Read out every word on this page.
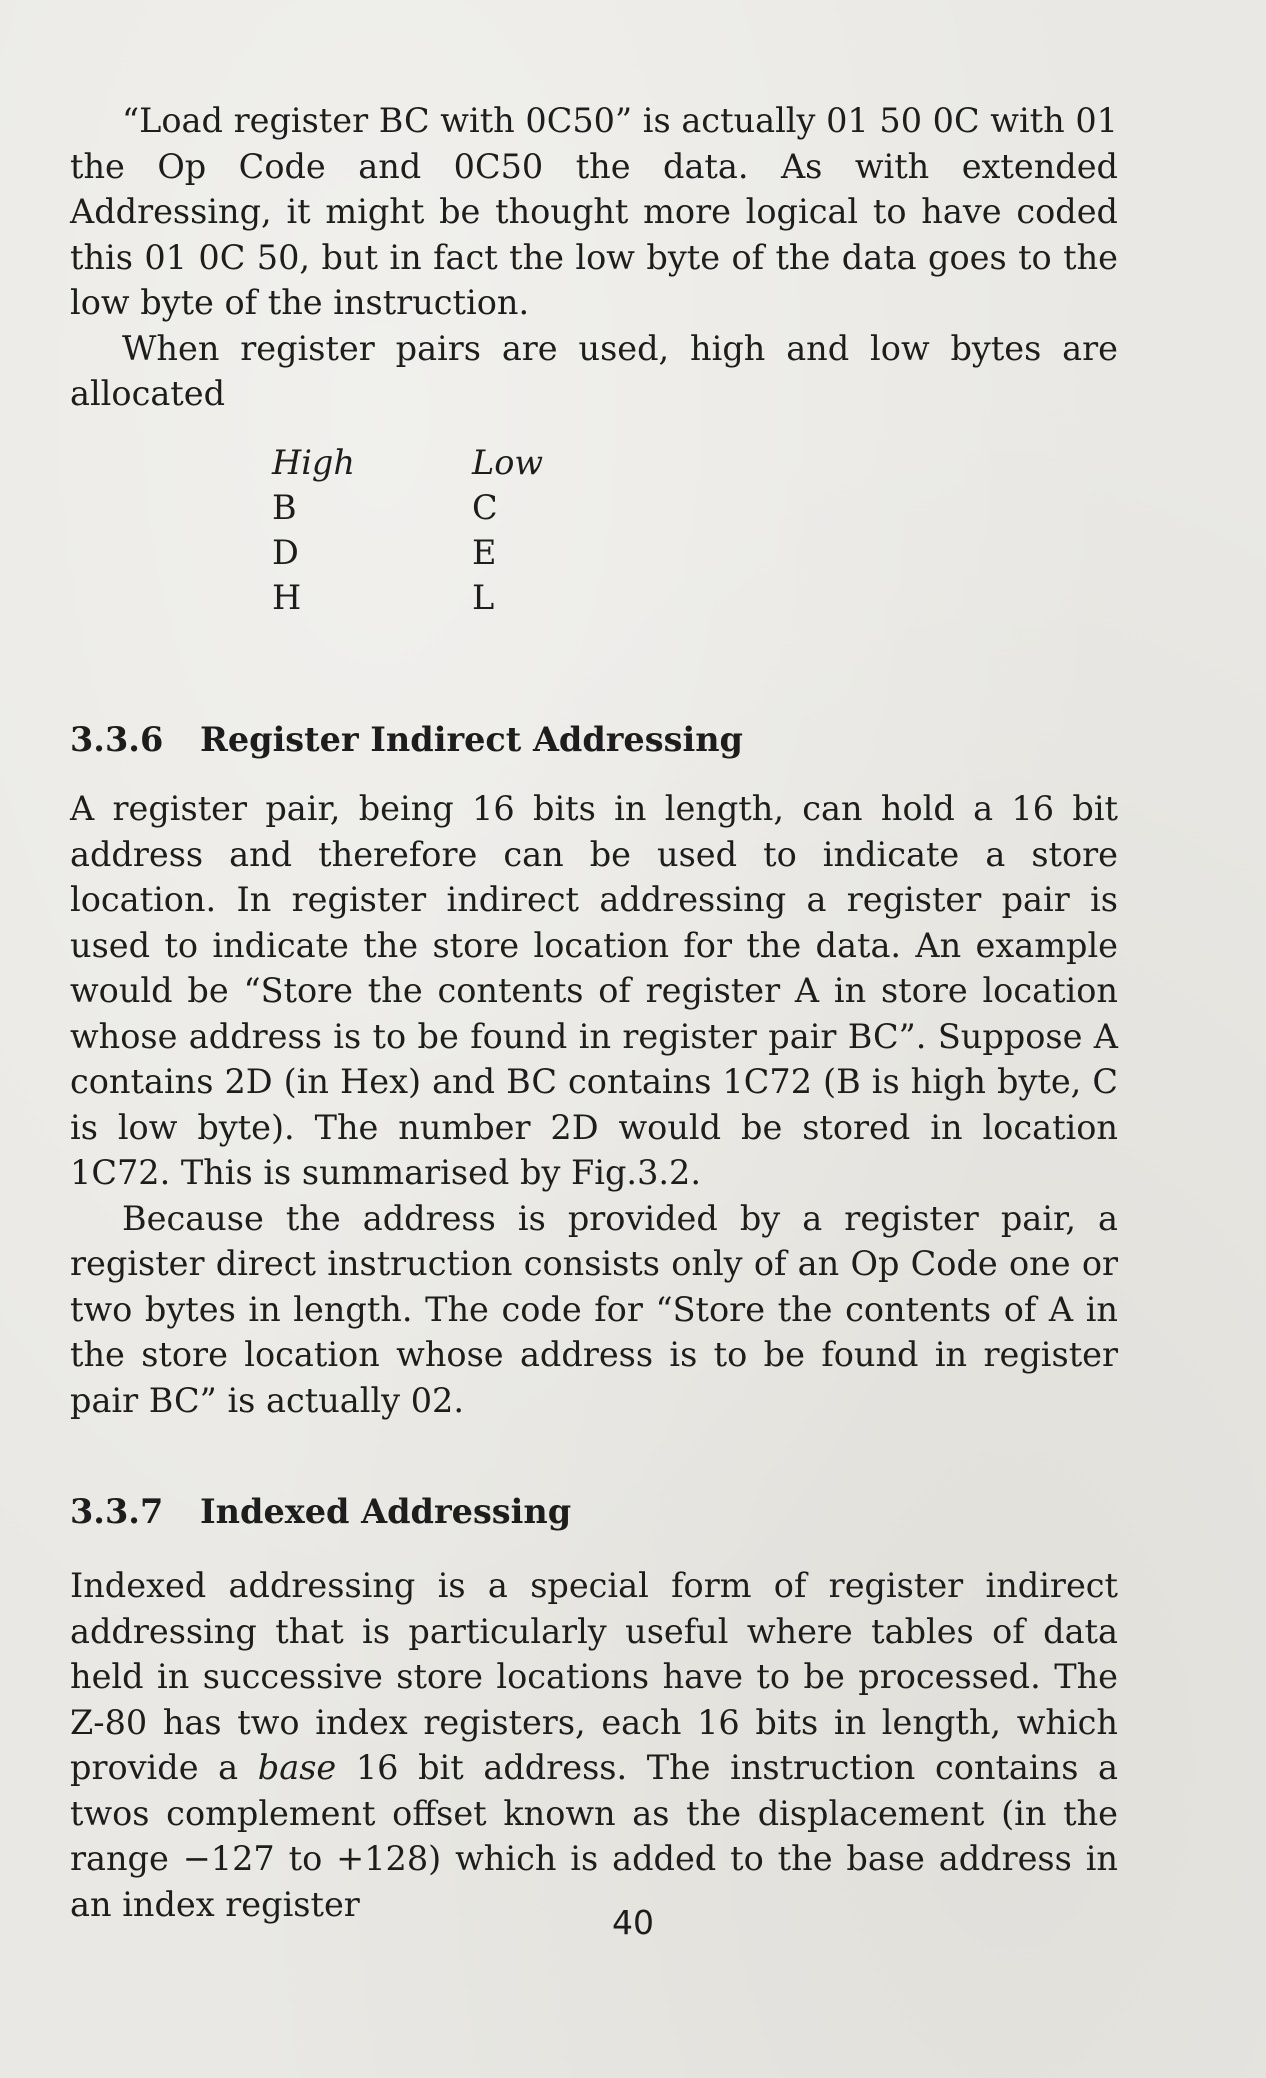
“Load register BC with 0C50” is actually 01 50 0C with 01 the Op Code and 0C50 the data. As with extended Addressing, it might be thought more logical to have coded this 01 0C 50, but in fact the low byte of the data goes to the low byte of the instruction.

When register pairs are used, high and low bytes are allocated

High	Low
B	C
D	E
H	L
3.3.6	Register Indirect Addressing

A register pair, being 16 bits in length, can hold a 16 bit address and therefore can be used to indicate a store location. In register indirect addressing a register pair is used to indicate the store location for the data. An example would be “Store the contents of register A in store location whose address is to be found in register pair BC”. Suppose A contains 2D (in Hex) and BC contains 1C72 (B is high byte, C is low byte). The number 2D would be stored in location 1C72. This is summarised by Fig.3.2.

Because the address is provided by a register pair, a register direct instruction consists only of an Op Code one or two bytes in length. The code for “Store the contents of A in the store location whose address is to be found in register pair BC” is actually 02.

3.3.7	Indexed Addressing

Indexed addressing is a special form of register indirect addressing that is particularly useful where tables of data held in successive store locations have to be processed. The Z-80 has two index registers, each 16 bits in length, which provide a base 16 bit address. The instruction contains a twos complement offset known as the displacement (in the range −127 to +128) which is added to the base address in an index register	40
